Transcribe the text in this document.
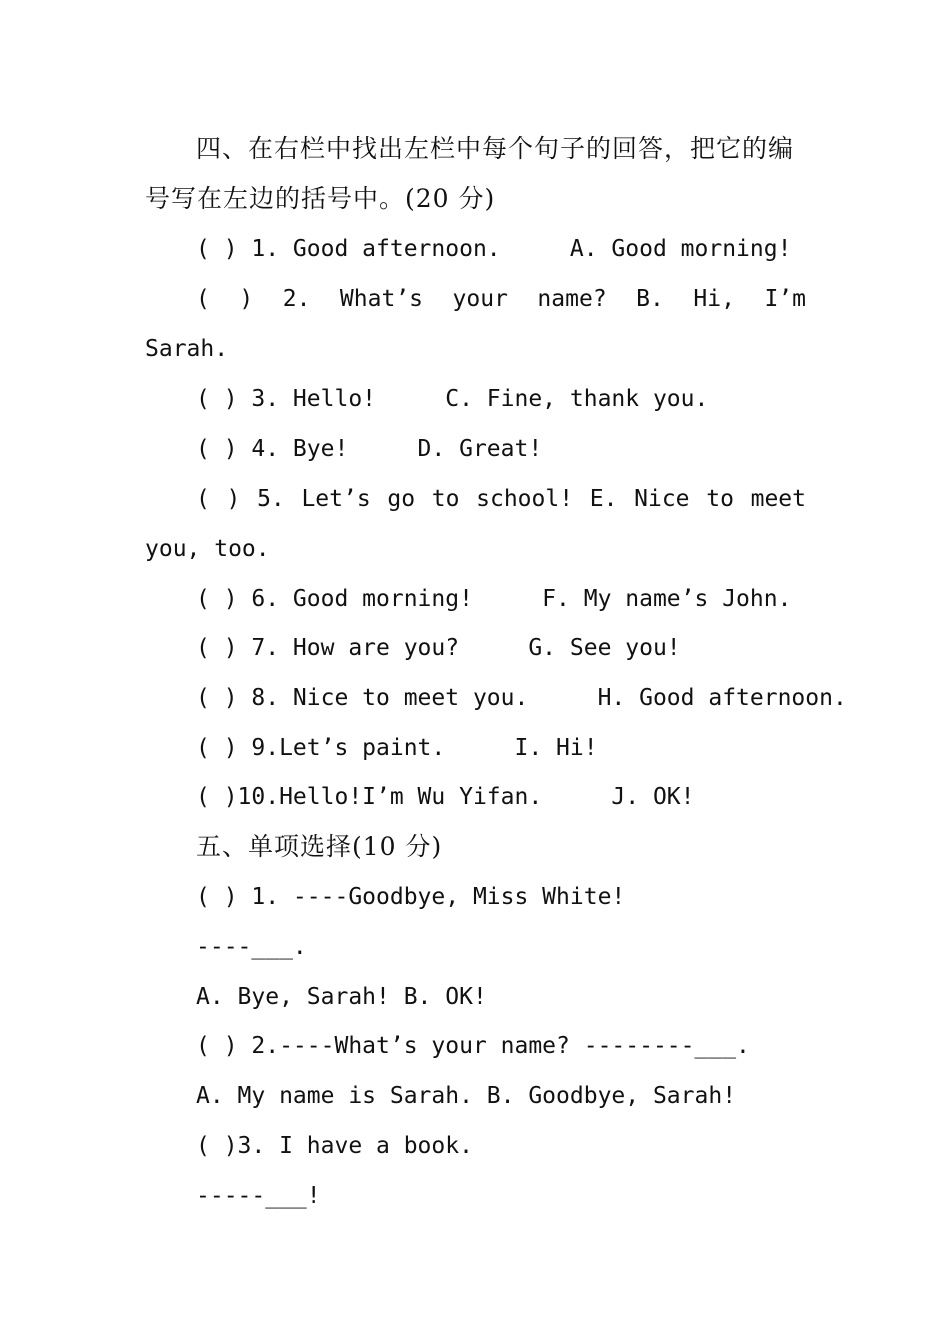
四、在右栏中找出左栏中每个句子的回答，把它的编
号写在左边的括号中。(20 分)
( ) 1. Good afternoon.     A. Good morning!
( ) 2. What’s your name? B. Hi, I’m
Sarah.
( ) 3. Hello!     C. Fine, thank you.
( ) 4. Bye!     D. Great!
( ) 5. Let’s go to school! E. Nice to meet
you, too.
( ) 6. Good morning!     F. My name’s John.
( ) 7. How are you?     G. See you!
( ) 8. Nice to meet you.     H. Good afternoon.
( ) 9.Let’s paint.     I. Hi!
( )10.Hello!I’m Wu Yifan.     J. OK!
五、单项选择(10 分)
( ) 1. ----Goodbye, Miss White!
----___.
A. Bye, Sarah! B. OK!
( ) 2.----What’s your name? --------___.
A. My name is Sarah. B. Goodbye, Sarah!
( )3. I have a book.
-----___!
